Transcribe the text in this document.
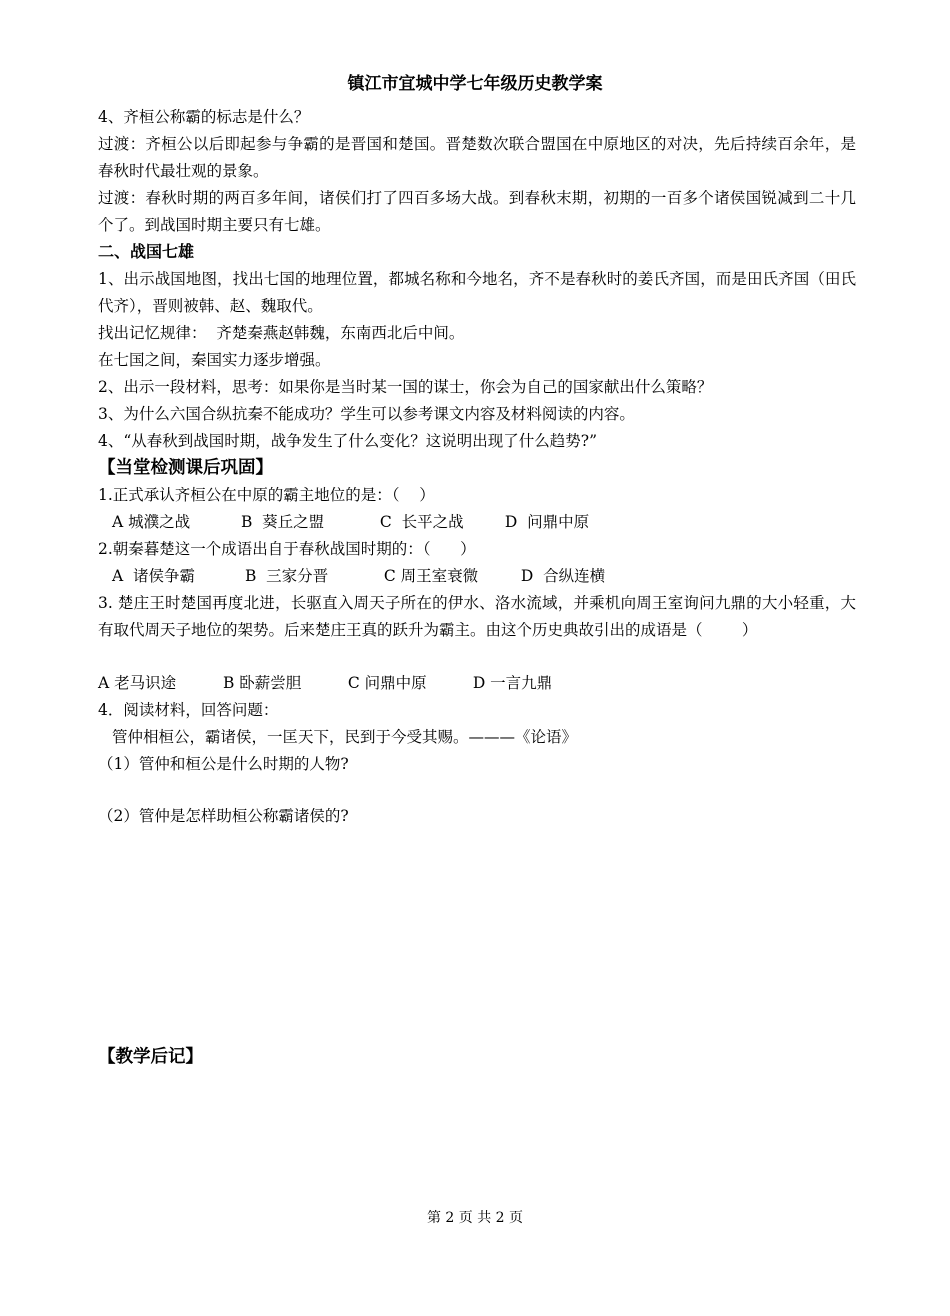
镇江市宜城中学七年级历史教学案
4、齐桓公称霸的标志是什么？
过渡：齐桓公以后即起参与争霸的是晋国和楚国。晋楚数次联合盟国在中原地区的对决，先后持续百余年，是春秋时代最壮观的景象。
过渡：春秋时期的两百多年间，诸侯们打了四百多场大战。到春秋末期，初期的一百多个诸侯国锐减到二十几个了。到战国时期主要只有七雄。
二、战国七雄
1、出示战国地图，找出七国的地理位置，都城名称和今地名，齐不是春秋时的姜氏齐国，而是田氏齐国（田氏代齐），晋则被韩、赵、魏取代。
找出记忆规律：  齐楚秦燕赵韩魏，东南西北后中间。
在七国之间，秦国实力逐步增强。
2、出示一段材料，思考：如果你是当时某一国的谋士，你会为自己的国家献出什么策略？
3、为什么六国合纵抗秦不能成功？学生可以参考课文内容及材料阅读的内容。
4、“从春秋到战国时期，战争发生了什么变化？这说明出现了什么趋势?”
【当堂检测课后巩固】
1.正式承认齐桓公在中原的霸主地位的是：（    ）
A 城濮之战	B  葵丘之盟	C  长平之战	D  问鼎中原
2.朝秦暮楚这一个成语出自于春秋战国时期的：（      ）
A  诸侯争霸	B  三家分晋	C 周王室衰微	D  合纵连横
3. 楚庄王时楚国再度北进，长驱直入周天子所在的伊水、洛水流域，并乘机向周王室询问九鼎的大小轻重，大有取代周天子地位的架势。后来楚庄王真的跃升为霸主。由这个历史典故引出的成语是（        ）
A 老马识途	B 卧薪尝胆	C 问鼎中原	D 一言九鼎
4．阅读材料，回答问题：
管仲相桓公，霸诸侯，一匡天下，民到于今受其赐。———《论语》
（1）管仲和桓公是什么时期的人物?
（2）管仲是怎样助桓公称霸诸侯的?
【教学后记】
第 2 页 共 2 页
